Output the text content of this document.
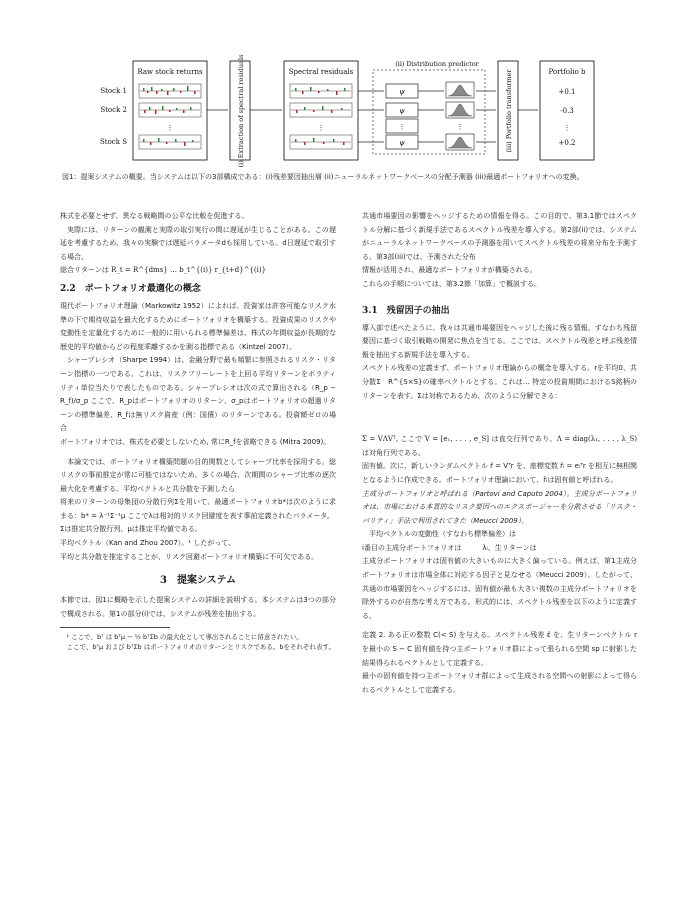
Raw stock returns
Stock 1
Stock 2
Stock S
⋮	(i) Extraction of spectral residuals	Spectral residuals
⋮
(ii) Distribution predictor
ψ
ψ
⋮
ψ
⋮	(iii) Portfolio transformer	Portfolio b
+0.1
-0.3
⋮
+0.2
図1：提案システムの概要。当システムは以下の3部構成である：(i)残差要因抽出層 (ii)ニューラルネットワークベースの分配予測器 (iii)最適ポートフォリオへの変換。

株式を必要とせず、異なる戦略間の公平な比較を促進する。

実際には、リターンの観測と実際の取引実行の間に遅延が生じることがある。この遅延を考慮するため、我々の実験では遅延パラメータdも採用している。d日遅延で取引する場合、

総合リターンは R_t = R^{dms} … b_t^{(i)} r_{t+d}^{(i)}

2.2　ポートフォリオ最適化の概念

現代ポートフォリオ理論（Markowitz 1952）によれば、投資家は許容可能なリスク水準の下で期待収益を最大化するためにポートフォリオを構築する。投資成果のリスクや変動性を定量化するために一般的に用いられる標準偏差は、株式の年間収益が長期的な歴史的平均値からどの程度乖離するかを測る指標である（Kintzel 2007）。

シャープレシオ（Sharpe 1994）は、金融分野で最も頻繁に参照されるリスク・リターン指標の一つである。これは、リスクフリーレートを上回る平均リターンをボラティリティ単位当たりで表したものである。シャープレシオは次の式で算出される（R_p − R_f)/σ_p ここで、R_pはポートフォリオのリターン、σ_pはポートフォリオの超過リターンの標準偏差、R_fは無リスク資産（例：国債）のリターンである。投資額ゼロの場合

ポートフォリオでは、株式を必要としないため, 常にR_fを省略できる (Mitra 2009)。

本論文では、ポートフォリオ構築問題の目的関数としてシャープ比率を採用する。総リスクの事前推定が常に可能ではないため、多くの場合、次期間のシャープ比率の逐次最大化を考慮する。平均ベクトルと共分散を予測したら

将来のリターンの母集団の分散行列Σを用いて、最適ポートフォリオb*は次のように求まる：b* = λ⁻¹Σ⁻¹μ ここでλは相対的リスク回避度を表す事前定義されたパラメータ。

Σは推定共分散行列、μは推定平均値である。

平均ベクトル（Kan and Zhou 2007）。¹ したがって、

平均と共分散を推定することが、リスク回避ポートフォリオ構築に不可欠である。

3　提案システム

本節では、図1に概略を示した提案システムの詳細を説明する。本システムは3つの部分で構成される。第1の部分(i)では、システムが残差を抽出する。

¹ ここで、bᵀ は bᵀμ − ½ bᵀΣb の最大化として導出されることに留意されたい。

ここで、bᵀμ および bᵀΣb はポートフォリオのリターンとリスクである。bをそれぞれ表す。

共通市場要因の影響をヘッジするための情報を得る。この目的で、第3.1節ではスペクトル分解に基づく新規手法であるスペクトル残差を導入する。第2部(ii)では、システムがニューラルネットワークベースの予測器を用いてスペクトル残差の将来分布を予測する。第3部(iii)では、予測された分布

情報が活用され、最適なポートフォリオが構築される。

これらの手順については、第3.2節「加算」で概説する。

3.1　残留因子の抽出

導入部で述べたように、我々は共通市場要因をヘッジした後に残る情報、すなわち残留要因に基づく取引戦略の開発に焦点を当てる。ここでは、スペクトル残差と呼ぶ残差情報を抽出する新規手法を導入する。

スペクトル残差の定義まず、ポートフォリオ理論からの概念を導入する。rを平均0、共分散Σ　R^{S×S}の確率ベクトルとする。これは… 特定の投資期間におけるS銘柄のリターンを表す。Σは対称であるため、次のように分解できる：

Σ = VΛVᵀ, ここで V = [e₁, . . . , e_S] は直交行列であり、Λ = diag(λ₁, . . . , λ_S) は対角行列である。

固有値。次に、新しいランダムベクトル r̃ = Vᵀr を、座標変数 r̃ᵢ = eᵢᵀr を相互に無相関となるように作成できる。ポートフォリオ理論において、r̃ᵢは固有値と呼ばれる。

主成分ポートフォリオと呼ばれる（Partovi and Caputo 2004）。主成分ポートフォリオは、市場における本質的なリスク要因へのエクスポージャーを分散させる「リスク・パリティ」手法で利用されてきた（Meucci 2009）。

平均ベクトルの変動性（すなわち標準偏差）は

i番目の主成分ポートフォリオは　　　λᵢ、生リターンは

主成分ポートフォリオは固有値の大きいものに大きく偏っている。例えば、第1主成分ポートフォリオは市場全体に対応する因子と見なせる（Meucci 2009）。したがって、共通の市場要因をヘッジするには、固有値が最も大きい複数の主成分ポートフォリオを除外するのが自然な考え方である。形式的には、スペクトル残差を以下のように定義する。

定義 2. ある正の整数 C(< S) を与える。スペクトル残差 ε̃ を、生リターンベクトル r を最小の S − C 固有値を持つ主ポートフォリオ群によって張られる空間 sp に射影した結果得られるベクトルとして定義する。

最小の固有値を持つ主ポートフォリオ群によって生成される空間への射影によって得られるベクトルとして定義する。
